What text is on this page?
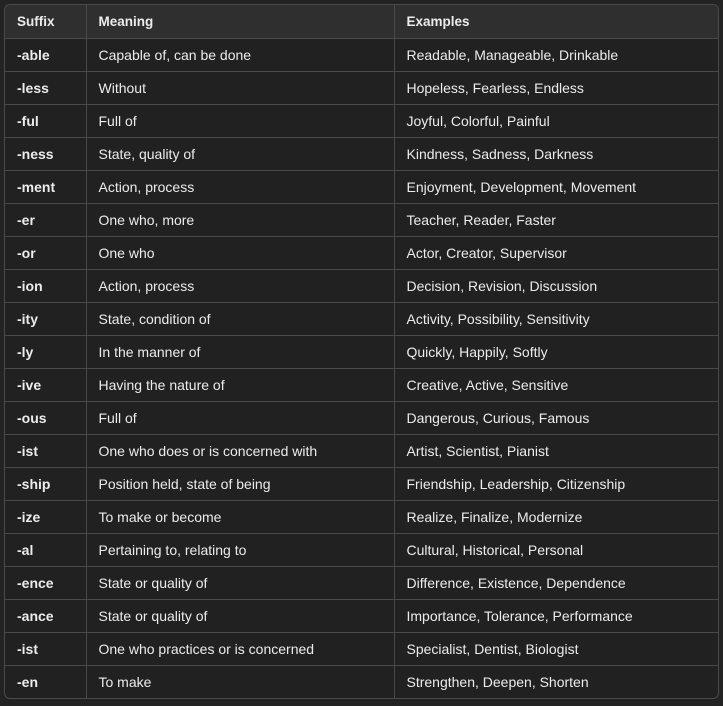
Suffix	Meaning	Examples
-able	Capable of, can be done	Readable, Manageable, Drinkable
-less	Without	Hopeless, Fearless, Endless
-ful	Full of	Joyful, Colorful, Painful
-ness	State, quality of	Kindness, Sadness, Darkness
-ment	Action, process	Enjoyment, Development, Movement
-er	One who, more	Teacher, Reader, Faster
-or	One who	Actor, Creator, Supervisor
-ion	Action, process	Decision, Revision, Discussion
-ity	State, condition of	Activity, Possibility, Sensitivity
-ly	In the manner of	Quickly, Happily, Softly
-ive	Having the nature of	Creative, Active, Sensitive
-ous	Full of	Dangerous, Curious, Famous
-ist	One who does or is concerned with	Artist, Scientist, Pianist
-ship	Position held, state of being	Friendship, Leadership, Citizenship
-ize	To make or become	Realize, Finalize, Modernize
-al	Pertaining to, relating to	Cultural, Historical, Personal
-ence	State or quality of	Difference, Existence, Dependence
-ance	State or quality of	Importance, Tolerance, Performance
-ist	One who practices or is concerned	Specialist, Dentist, Biologist
-en	To make	Strengthen, Deepen, Shorten
